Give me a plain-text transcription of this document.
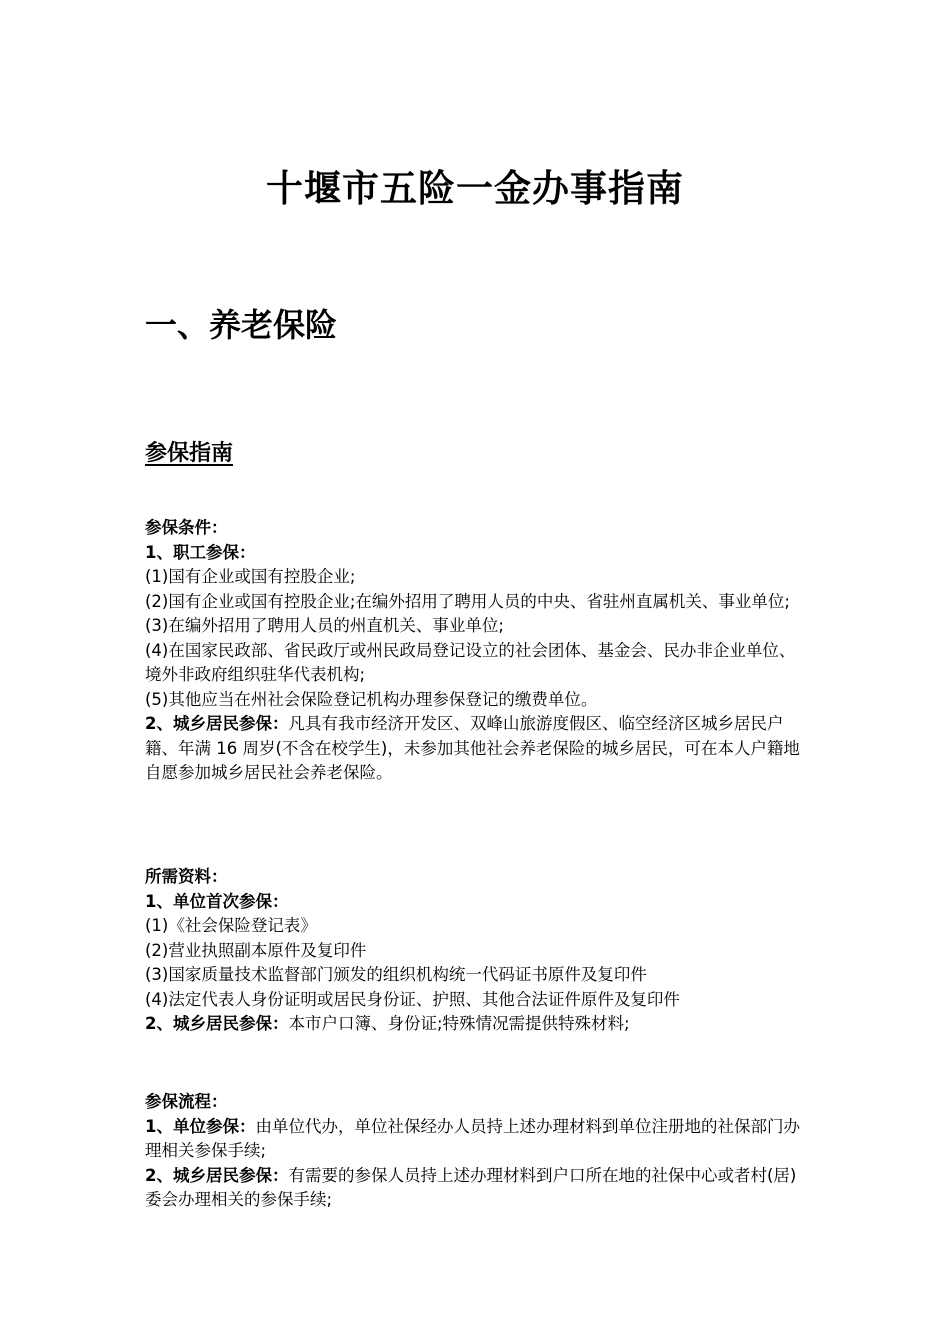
十堰市五险一金办事指南
一、养老保险
参保指南

参保条件：

1、职工参保：

(1)国有企业或国有控股企业;

(2)国有企业或国有控股企业;在编外招用了聘用人员的中央、省驻州直属机关、事业单位;

(3)在编外招用了聘用人员的州直机关、事业单位;

(4)在国家民政部、省民政厅或州民政局登记设立的社会团体、基金会、民办非企业单位、境外非政府组织驻华代表机构;

(5)其他应当在州社会保险登记机构办理参保登记的缴费单位。

2、城乡居民参保：凡具有我市经济开发区、双峰山旅游度假区、临空经济区城乡居民户籍、年满 16 周岁(不含在校学生)，未参加其他社会养老保险的城乡居民，可在本人户籍地自愿参加城乡居民社会养老保险。

所需资料：

1、单位首次参保：

(1)《社会保险登记表》

(2)营业执照副本原件及复印件

(3)国家质量技术监督部门颁发的组织机构统一代码证书原件及复印件

(4)法定代表人身份证明或居民身份证、护照、其他合法证件原件及复印件

2、城乡居民参保：本市户口簿、身份证;特殊情况需提供特殊材料;

参保流程：

1、单位参保：由单位代办，单位社保经办人员持上述办理材料到单位注册地的社保部门办理相关参保手续;

2、城乡居民参保：有需要的参保人员持上述办理材料到户口所在地的社保中心或者村(居)委会办理相关的参保手续;
